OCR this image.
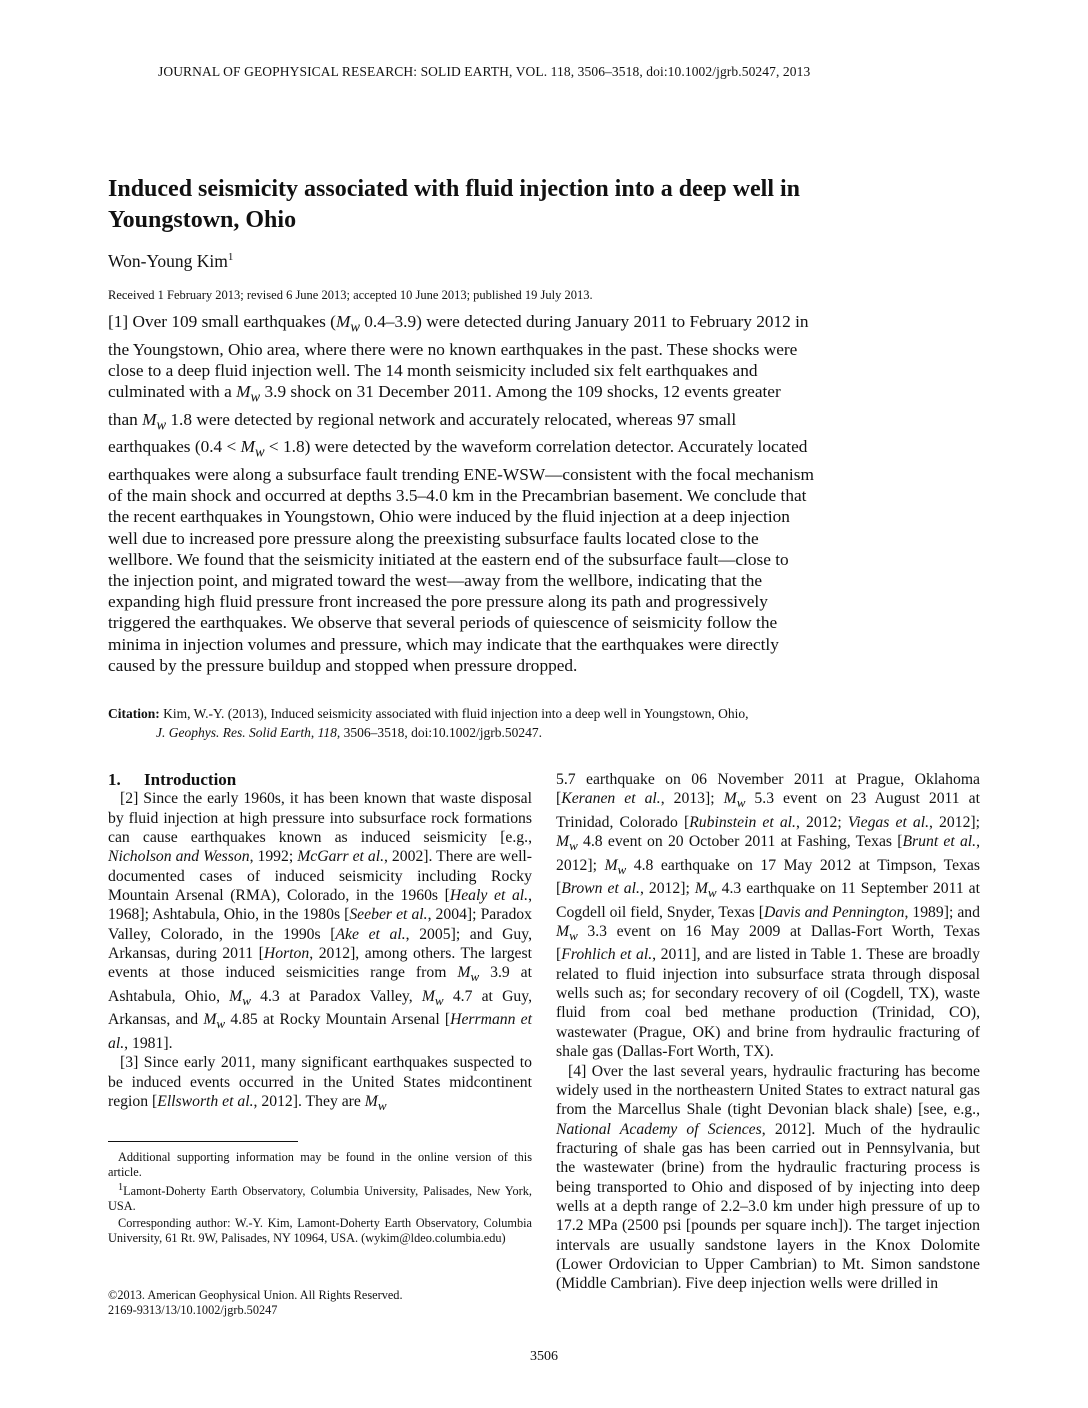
JOURNAL OF GEOPHYSICAL RESEARCH: SOLID EARTH, VOL. 118, 3506–3518, doi:10.1002/jgrb.50247, 2013
Induced seismicity associated with fluid injection into a deep well in Youngstown, Ohio
Won-Young Kim$^1$
Received 1 February 2013; revised 6 June 2013; accepted 10 June 2013; published 19 July 2013.

[1] Over 109 small earthquakes ($M_w$ 0.4–3.9) were detected during January 2011 to February 2012 in the Youngstown, Ohio area, where there were no known earthquakes in the past. These shocks were close to a deep fluid injection well. The 14 month seismicity included six felt earthquakes and culminated with a $M_w$ 3.9 shock on 31 December 2011. Among the 109 shocks, 12 events greater than $M_w$ 1.8 were detected by regional network and accurately relocated, whereas 97 small earthquakes $(0.4 < M_w < 1.8)$ were detected by the waveform correlation detector. Accurately located earthquakes were along a subsurface fault trending ENE-WSW—consistent with the focal mechanism of the main shock and occurred at depths 3.5–4.0 km in the Precambrian basement. We conclude that the recent earthquakes in Youngstown, Ohio were induced by the fluid injection at a deep injection well due to increased pore pressure along the preexisting subsurface faults located close to the wellbore. We found that the seismicity initiated at the eastern end of the subsurface fault—close to the injection point, and migrated toward the west—away from the wellbore, indicating that the expanding high fluid pressure front increased the pore pressure along its path and progressively triggered the earthquakes. We observe that several periods of quiescence of seismicity follow the minima in injection volumes and pressure, which may indicate that the earthquakes were directly caused by the pressure buildup and stopped when pressure dropped.

Citation: Kim, W.-Y. (2013), Induced seismicity associated with fluid injection into a deep well in Youngstown, Ohio,
J. Geophys. Res. Solid Earth, 118, 3506–3518, doi:10.1002/jgrb.50247.

1. Introduction

[2] Since the early 1960s, it has been known that waste disposal by fluid injection at high pressure into subsurface rock formations can cause earthquakes known as induced seismicity [e.g., Nicholson and Wesson, 1992; McGarr et al., 2002]. There are well-documented cases of induced seismicity including Rocky Mountain Arsenal (RMA), Colorado, in the 1960s [Healy et al., 1968]; Ashtabula, Ohio, in the 1980s [Seeber et al., 2004]; Paradox Valley, Colorado, in the 1990s [Ake et al., 2005]; and Guy, Arkansas, during 2011 [Horton, 2012], among others. The largest events at those induced seismicities range from $M_w$ 3.9 at Ashtabula, Ohio, $M_w$ 4.3 at Paradox Valley, $M_w$ 4.7 at Guy, Arkansas, and $M_w$ 4.85 at Rocky Mountain Arsenal [Herrmann et al., 1981].

[3] Since early 2011, many significant earthquakes suspected to be induced events occurred in the United States midcontinent region [Ellsworth et al., 2012]. They are $M_w$

Additional supporting information may be found in the online version of this article.

$^1$Lamont-Doherty Earth Observatory, Columbia University, Palisades, New York, USA.

Corresponding author: W.-Y. Kim, Lamont-Doherty Earth Observatory, Columbia University, 61 Rt. 9W, Palisades, NY 10964, USA. (wykim@ldeo.columbia.edu)

©2013. American Geophysical Union. All Rights Reserved.

2169-9313/13/10.1002/jgrb.50247

5.7 earthquake on 06 November 2011 at Prague, Oklahoma [Keranen et al., 2013]; $M_w$ 5.3 event on 23 August 2011 at Trinidad, Colorado [Rubinstein et al., 2012; Viegas et al., 2012]; $M_w$ 4.8 event on 20 October 2011 at Fashing, Texas [Brunt et al., 2012]; $M_w$ 4.8 earthquake on 17 May 2012 at Timpson, Texas [Brown et al., 2012]; $M_w$ 4.3 earthquake on 11 September 2011 at Cogdell oil field, Snyder, Texas [Davis and Pennington, 1989]; and $M_w$ 3.3 event on 16 May 2009 at Dallas-Fort Worth, Texas [Frohlich et al., 2011], and are listed in Table 1. These are broadly related to fluid injection into subsurface strata through disposal wells such as; for secondary recovery of oil (Cogdell, TX), waste fluid from coal bed methane production (Trinidad, CO), wastewater (Prague, OK) and brine from hydraulic fracturing of shale gas (Dallas-Fort Worth, TX).

[4] Over the last several years, hydraulic fracturing has become widely used in the northeastern United States to extract natural gas from the Marcellus Shale (tight Devonian black shale) [see, e.g., National Academy of Sciences, 2012]. Much of the hydraulic fracturing of shale gas has been carried out in Pennsylvania, but the wastewater (brine) from the hydraulic fracturing process is being transported to Ohio and disposed of by injecting into deep wells at a depth range of 2.2–3.0 km under high pressure of up to 17.2 MPa (2500 psi [pounds per square inch]). The target injection intervals are usually sandstone layers in the Knox Dolomite (Lower Ordovician to Upper Cambrian) to Mt. Simon sandstone (Middle Cambrian). Five deep injection wells were drilled in

3506
